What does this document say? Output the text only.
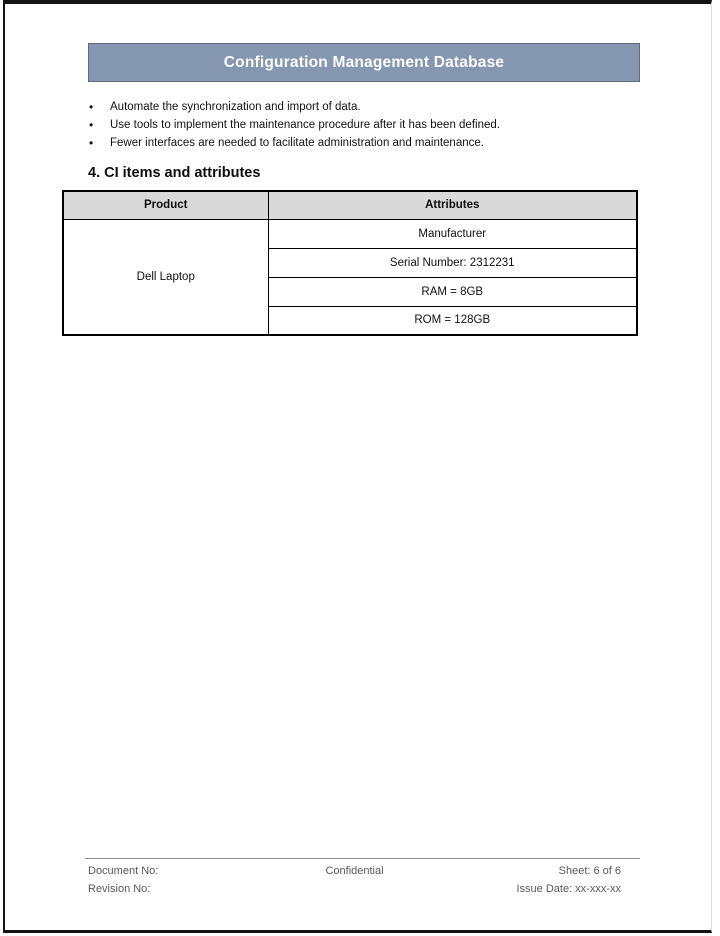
Configuration Management Database
• Automate the synchronization and import of data.
• Use tools to implement the maintenance procedure after it has been defined.
• Fewer interfaces are needed to facilitate administration and maintenance.
4. CI items and attributes
Product	Attributes
Dell Laptop	Manufacturer
	Serial Number: 2312231
	RAM = 8GB
	ROM = 128GB
Document No:
Revision No:
Confidential	Sheet: 6 of 6
Issue Date: xx-xxx-xx
